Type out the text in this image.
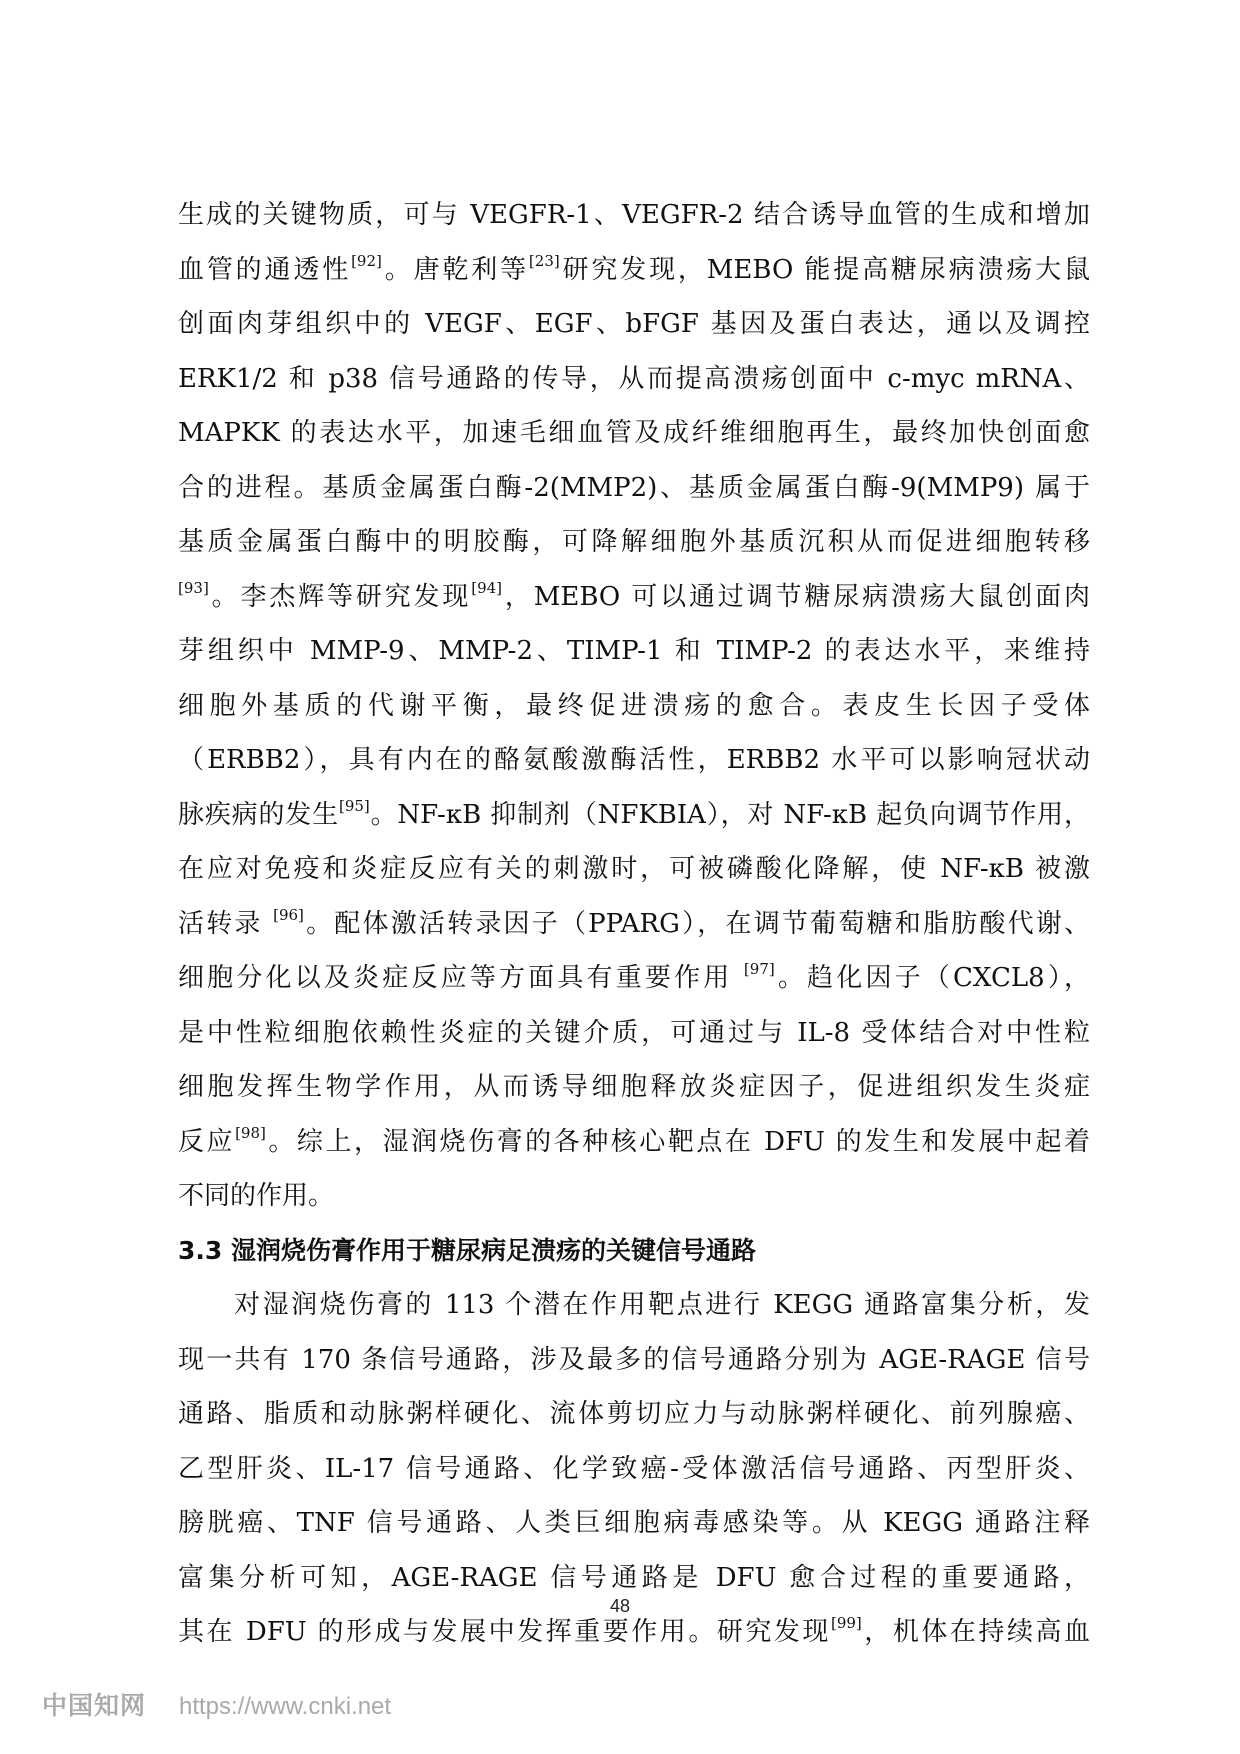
生成的关键物质，可与 VEGFR-1、VEGFR-2 结合诱导血管的生成和增加
血管的通透性[92]。唐乾利等[23]研究发现，MEBO 能提高糖尿病溃疡大鼠
创面肉芽组织中的 VEGF、EGF、bFGF 基因及蛋白表达，通以及调控
ERK1/2 和 p38 信号通路的传导，从而提高溃疡创面中 c-myc mRNA、
MAPKK 的表达水平，加速毛细血管及成纤维细胞再生，最终加快创面愈
合的进程。基质金属蛋白酶-2(MMP2)、基质金属蛋白酶-9(MMP9) 属于
基质金属蛋白酶中的明胶酶，可降解细胞外基质沉积从而促进细胞转移
[93]。李杰辉等研究发现[94]，MEBO 可以通过调节糖尿病溃疡大鼠创面肉
芽组织中 MMP-9、MMP-2、TIMP-1 和 TIMP-2 的表达水平，来维持
细胞外基质的代谢平衡，最终促进溃疡的愈合。表皮生长因子受体
（ERBB2），具有内在的酪氨酸激酶活性，ERBB2 水平可以影响冠状动
脉疾病的发生[95]。NF-κB 抑制剂（NFKBIA），对 NF-κB 起负向调节作用，
在应对免疫和炎症反应有关的刺激时，可被磷酸化降解，使 NF-κB 被激
活转录 [96]。配体激活转录因子（PPARG），在调节葡萄糖和脂肪酸代谢、
细胞分化以及炎症反应等方面具有重要作用 [97]。趋化因子（CXCL8），
是中性粒细胞依赖性炎症的关键介质，可通过与 IL-8 受体结合对中性粒
细胞发挥生物学作用，从而诱导细胞释放炎症因子，促进组织发生炎症
反应[98]。综上，湿润烧伤膏的各种核心靶点在 DFU 的发生和发展中起着
不同的作用。
3.3 湿润烧伤膏作用于糖尿病足溃疡的关键信号通路
对湿润烧伤膏的 113 个潜在作用靶点进行 KEGG 通路富集分析，发
现一共有 170 条信号通路，涉及最多的信号通路分别为 AGE-RAGE 信号
通路、脂质和动脉粥样硬化、流体剪切应力与动脉粥样硬化、前列腺癌、
乙型肝炎、IL-17 信号通路、化学致癌-受体激活信号通路、丙型肝炎、
膀胱癌、TNF 信号通路、人类巨细胞病毒感染等。从 KEGG 通路注释
富集分析可知，AGE-RAGE 信号通路是 DFU 愈合过程的重要通路，
其在 DFU 的形成与发展中发挥重要作用。研究发现[99]，机体在持续高血
48
中国知网 https://www.cnki.net
